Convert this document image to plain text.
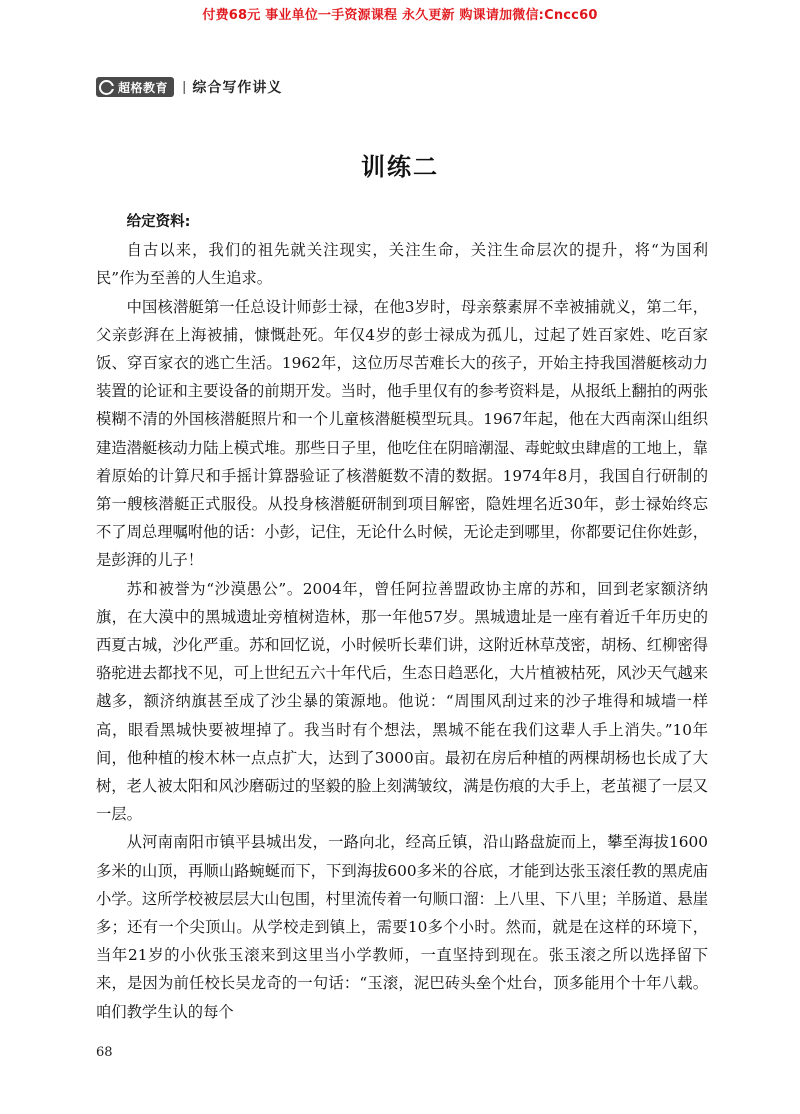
付费68元 事业单位一手资源课程 永久更新 购课请加微信:Cncc60
超格教育 | 综合写作讲义
训练二

给定资料:

自古以来，我们的祖先就关注现实，关注生命，关注生命层次的提升，将“为国利民”作为至善的人生追求。

中国核潜艇第一任总设计师彭士禄，在他3岁时，母亲蔡素屏不幸被捕就义，第二年，父亲彭湃在上海被捕，慷慨赴死。年仅4岁的彭士禄成为孤儿，过起了姓百家姓、吃百家饭、穿百家衣的逃亡生活。1962年，这位历尽苦难长大的孩子，开始主持我国潜艇核动力装置的论证和主要设备的前期开发。当时，他手里仅有的参考资料是，从报纸上翻拍的两张模糊不清的外国核潜艇照片和一个儿童核潜艇模型玩具。1967年起，他在大西南深山组织建造潜艇核动力陆上模式堆。那些日子里，他吃住在阴暗潮湿、毒蛇蚊虫肆虐的工地上，靠着原始的计算尺和手摇计算器验证了核潜艇数不清的数据。1974年8月，我国自行研制的第一艘核潜艇正式服役。从投身核潜艇研制到项目解密，隐姓埋名近30年，彭士禄始终忘不了周总理嘱咐他的话：小彭，记住，无论什么时候，无论走到哪里，你都要记住你姓彭，是彭湃的儿子！

苏和被誉为“沙漠愚公”。2004年，曾任阿拉善盟政协主席的苏和，回到老家额济纳旗，在大漠中的黑城遗址旁植树造林，那一年他57岁。黑城遗址是一座有着近千年历史的西夏古城，沙化严重。苏和回忆说，小时候听长辈们讲，这附近林草茂密，胡杨、红柳密得骆驼进去都找不见，可上世纪五六十年代后，生态日趋恶化，大片植被枯死，风沙天气越来越多，额济纳旗甚至成了沙尘暴的策源地。他说：“周围风刮过来的沙子堆得和城墙一样高，眼看黑城快要被埋掉了。我当时有个想法，黑城不能在我们这辈人手上消失。”10年间，他种植的梭木林一点点扩大，达到了3000亩。最初在房后种植的两棵胡杨也长成了大树，老人被太阳和风沙磨砺过的坚毅的脸上刻满皱纹，满是伤痕的大手上，老茧褪了一层又一层。

从河南南阳市镇平县城出发，一路向北，经高丘镇，沿山路盘旋而上，攀至海拔1600多米的山顶，再顺山路蜿蜒而下，下到海拔600多米的谷底，才能到达张玉滚任教的黑虎庙小学。这所学校被层层大山包围，村里流传着一句顺口溜：上八里、下八里；羊肠道、悬崖多；还有一个尖顶山。从学校走到镇上，需要10多个小时。然而，就是在这样的环境下，当年21岁的小伙张玉滚来到这里当小学教师，一直坚持到现在。张玉滚之所以选择留下来，是因为前任校长吴龙奇的一句话：“玉滚，泥巴砖头垒个灶台，顶多能用个十年八载。咱们教学生认的每个

68
